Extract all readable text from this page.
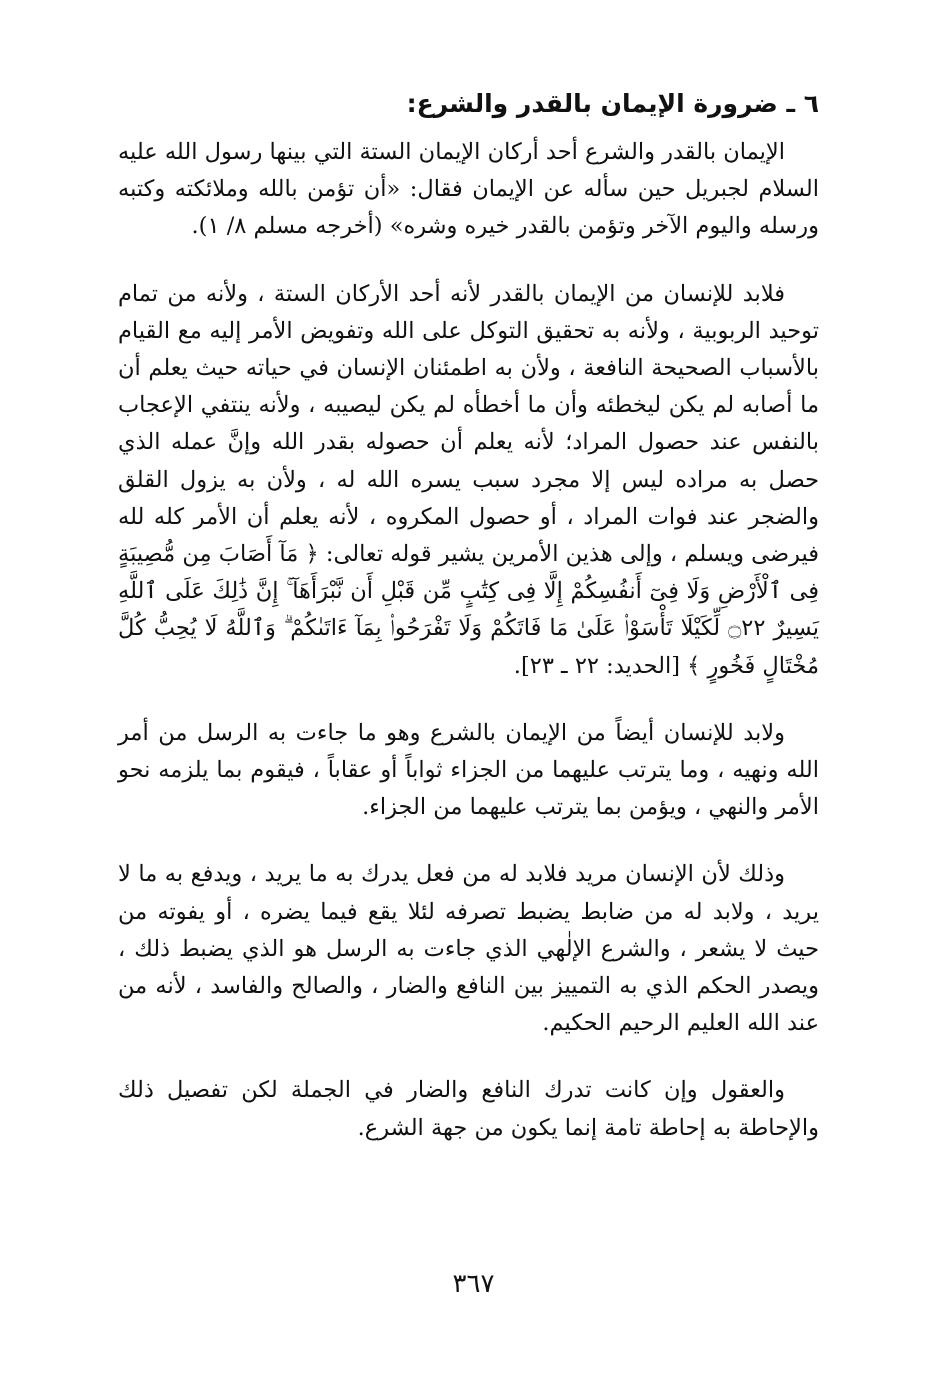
٦ ـ ضرورة الإيمان بالقدر والشرع:

الإيمان بالقدر والشرع أحد أركان الإيمان الستة التي بينها رسول الله عليه السلام لجبريل حين سأله عن الإيمان فقال: «أن تؤمن بالله وملائكته وكتبه ورسله واليوم الآخر وتؤمن بالقدر خيره وشره» (أخرجه مسلم ٨/ ١).

فلابد للإنسان من الإيمان بالقدر لأنه أحد الأركان الستة ، ولأنه من تمام توحيد الربوبية ، ولأنه به تحقيق التوكل على الله وتفويض الأمر إليه مع القيام بالأسباب الصحيحة النافعة ، ولأن به اطمئنان الإنسان في حياته حيث يعلم أن ما أصابه لم يكن ليخطئه وأن ما أخطأه لم يكن ليصيبه ، ولأنه ينتفي الإعجاب بالنفس عند حصول المراد؛ لأنه يعلم أن حصوله بقدر الله وإنَّ عمله الذي حصل به مراده ليس إلا مجرد سبب يسره الله له ، ولأن به يزول القلق والضجر عند فوات المراد ، أو حصول المكروه ، لأنه يعلم أن الأمر كله لله فيرضى ويسلم ، وإلى هذين الأمرين يشير قوله تعالى: ﴿ مَآ أَصَابَ مِن مُّصِيبَةٍ فِى ٱلْأَرْضِ وَلَا فِىٓ أَنفُسِكُمْ إِلَّا فِى كِتَٰبٍ مِّن قَبْلِ أَن نَّبْرَأَهَآ ۚ إِنَّ ذَٰلِكَ عَلَى ٱللَّهِ يَسِيرٌ ۝٢٢ لِّكَيْلَا تَأْسَوْا۟ عَلَىٰ مَا فَاتَكُمْ وَلَا تَفْرَحُوا۟ بِمَآ ءَاتَىٰكُمْ ۗ وَٱللَّهُ لَا يُحِبُّ كُلَّ مُخْتَالٍ فَخُورٍ ﴾ [الحديد: ٢٢ ـ ٢٣].

ولابد للإنسان أيضاً من الإيمان بالشرع وهو ما جاءت به الرسل من أمر الله ونهيه ، وما يترتب عليهما من الجزاء ثواباً أو عقاباً ، فيقوم بما يلزمه نحو الأمر والنهي ، ويؤمن بما يترتب عليهما من الجزاء.

وذلك لأن الإنسان مريد فلابد له من فعل يدرك به ما يريد ، ويدفع به ما لا يريد ، ولابد له من ضابط يضبط تصرفه لئلا يقع فيما يضره ، أو يفوته من حيث لا يشعر ، والشرع الإلٰهي الذي جاءت به الرسل هو الذي يضبط ذلك ، ويصدر الحكم الذي به التمييز بين النافع والضار ، والصالح والفاسد ، لأنه من عند الله العليم الرحيم الحكيم.

والعقول وإن كانت تدرك النافع والضار في الجملة لكن تفصيل ذلك والإحاطة به إحاطة تامة إنما يكون من جهة الشرع.

٣٦٧
